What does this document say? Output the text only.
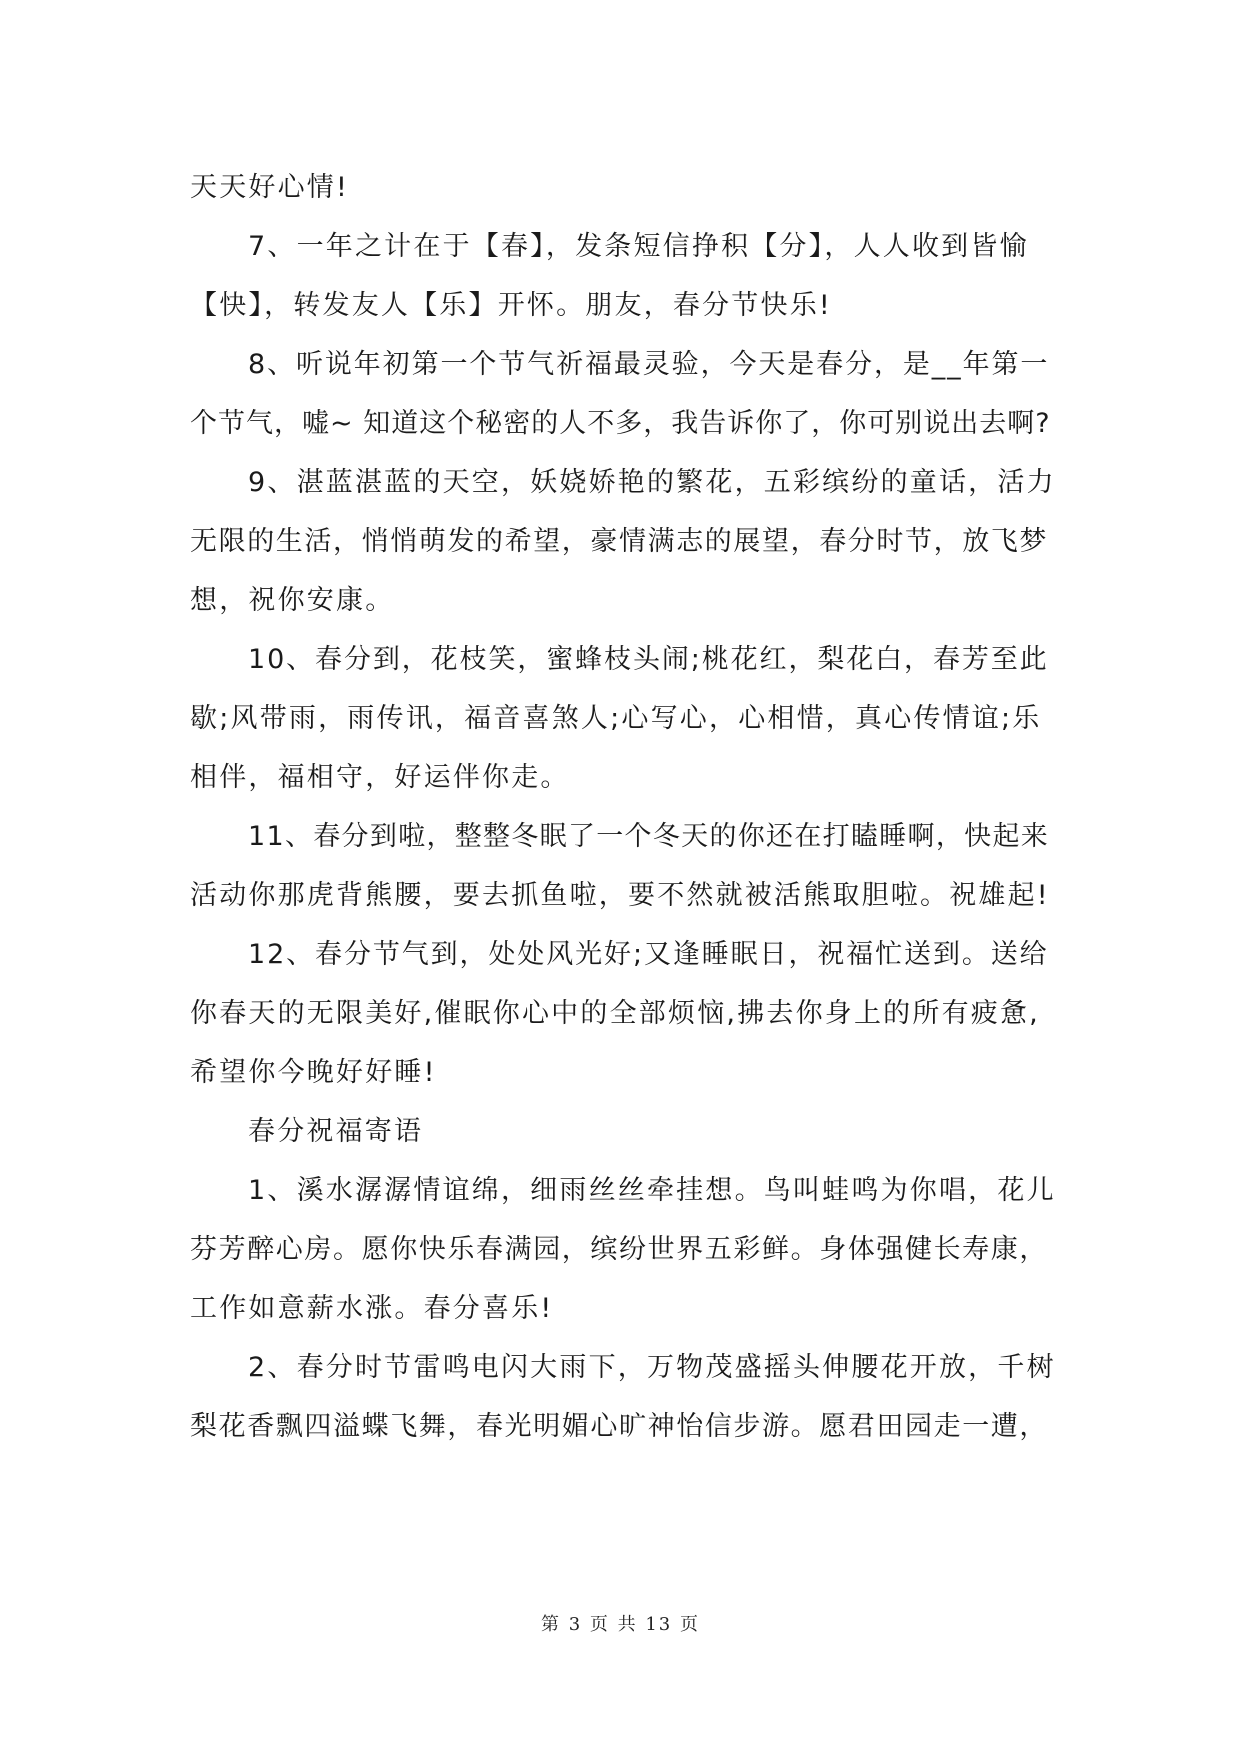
天天好心情!
7、一年之计在于【春】，发条短信挣积【分】，人人收到皆愉
【快】，转发友人【乐】开怀。朋友，春分节快乐!
8、听说年初第一个节气祈福最灵验，今天是春分，是__年第一
个节气，嘘~ 知道这个秘密的人不多，我告诉你了，你可别说出去啊?
9、湛蓝湛蓝的天空，妖娆娇艳的繁花，五彩缤纷的童话，活力
无限的生活，悄悄萌发的希望，豪情满志的展望，春分时节，放飞梦
想，祝你安康。
10、春分到，花枝笑，蜜蜂枝头闹;桃花红，梨花白，春芳至此
歇;风带雨，雨传讯，福音喜煞人;心写心，心相惜，真心传情谊;乐
相伴，福相守，好运伴你走。
11、春分到啦，整整冬眠了一个冬天的你还在打瞌睡啊，快起来
活动你那虎背熊腰，要去抓鱼啦，要不然就被活熊取胆啦。祝雄起!
12、春分节气到，处处风光好;又逢睡眠日，祝福忙送到。送给
你春天的无限美好,催眠你心中的全部烦恼,拂去你身上的所有疲惫,
希望你今晚好好睡!
春分祝福寄语
1、溪水潺潺情谊绵，细雨丝丝牵挂想。鸟叫蛙鸣为你唱，花儿
芬芳醉心房。愿你快乐春满园，缤纷世界五彩鲜。身体强健长寿康，
工作如意薪水涨。春分喜乐!
2、春分时节雷鸣电闪大雨下，万物茂盛摇头伸腰花开放，千树
梨花香飘四溢蝶飞舞，春光明媚心旷神怡信步游。愿君田园走一遭，
第 3 页 共 13 页
